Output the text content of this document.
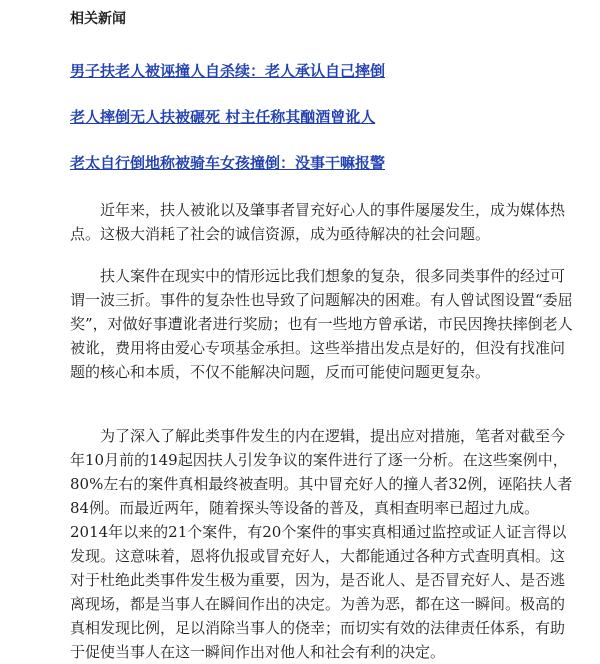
相关新闻
男子扶老人被诬撞人自杀续：老人承认自己摔倒
老人摔倒无人扶被碾死 村主任称其酗酒曾讹人
老太自行倒地称被骑车女孩撞倒：没事干嘛报警

近年来，扶人被讹以及肇事者冒充好心人的事件屡屡发生，成为媒体热点。这极大消耗了社会的诚信资源，成为亟待解决的社会问题。

扶人案件在现实中的情形远比我们想象的复杂，很多同类事件的经过可谓一波三折。事件的复杂性也导致了问题解决的困难。有人曾试图设置“委屈奖”，对做好事遭讹者进行奖励；也有一些地方曾承诺，市民因搀扶摔倒老人被讹，费用将由爱心专项基金承担。这些举措出发点是好的，但没有找准问题的核心和本质，不仅不能解决问题，反而可能使问题更复杂。

为了深入了解此类事件发生的内在逻辑，提出应对措施，笔者对截至今年10月前的149起因扶人引发争议的案件进行了逐一分析。在这些案例中，80%左右的案件真相最终被查明。其中冒充好人的撞人者32例，诬陷扶人者84例。而最近两年，随着探头等设备的普及，真相查明率已超过九成。2014年以来的21个案件，有20个案件的事实真相通过监控或证人证言得以发现。这意味着，恩将仇报或冒充好人，大都能通过各种方式查明真相。这对于杜绝此类事件发生极为重要，因为，是否讹人、是否冒充好人、是否逃离现场，都是当事人在瞬间作出的决定。为善为恶，都在这一瞬间。极高的真相发现比例，足以消除当事人的侥幸；而切实有效的法律责任体系，有助于促使当事人在这一瞬间作出对他人和社会有利的决定。
